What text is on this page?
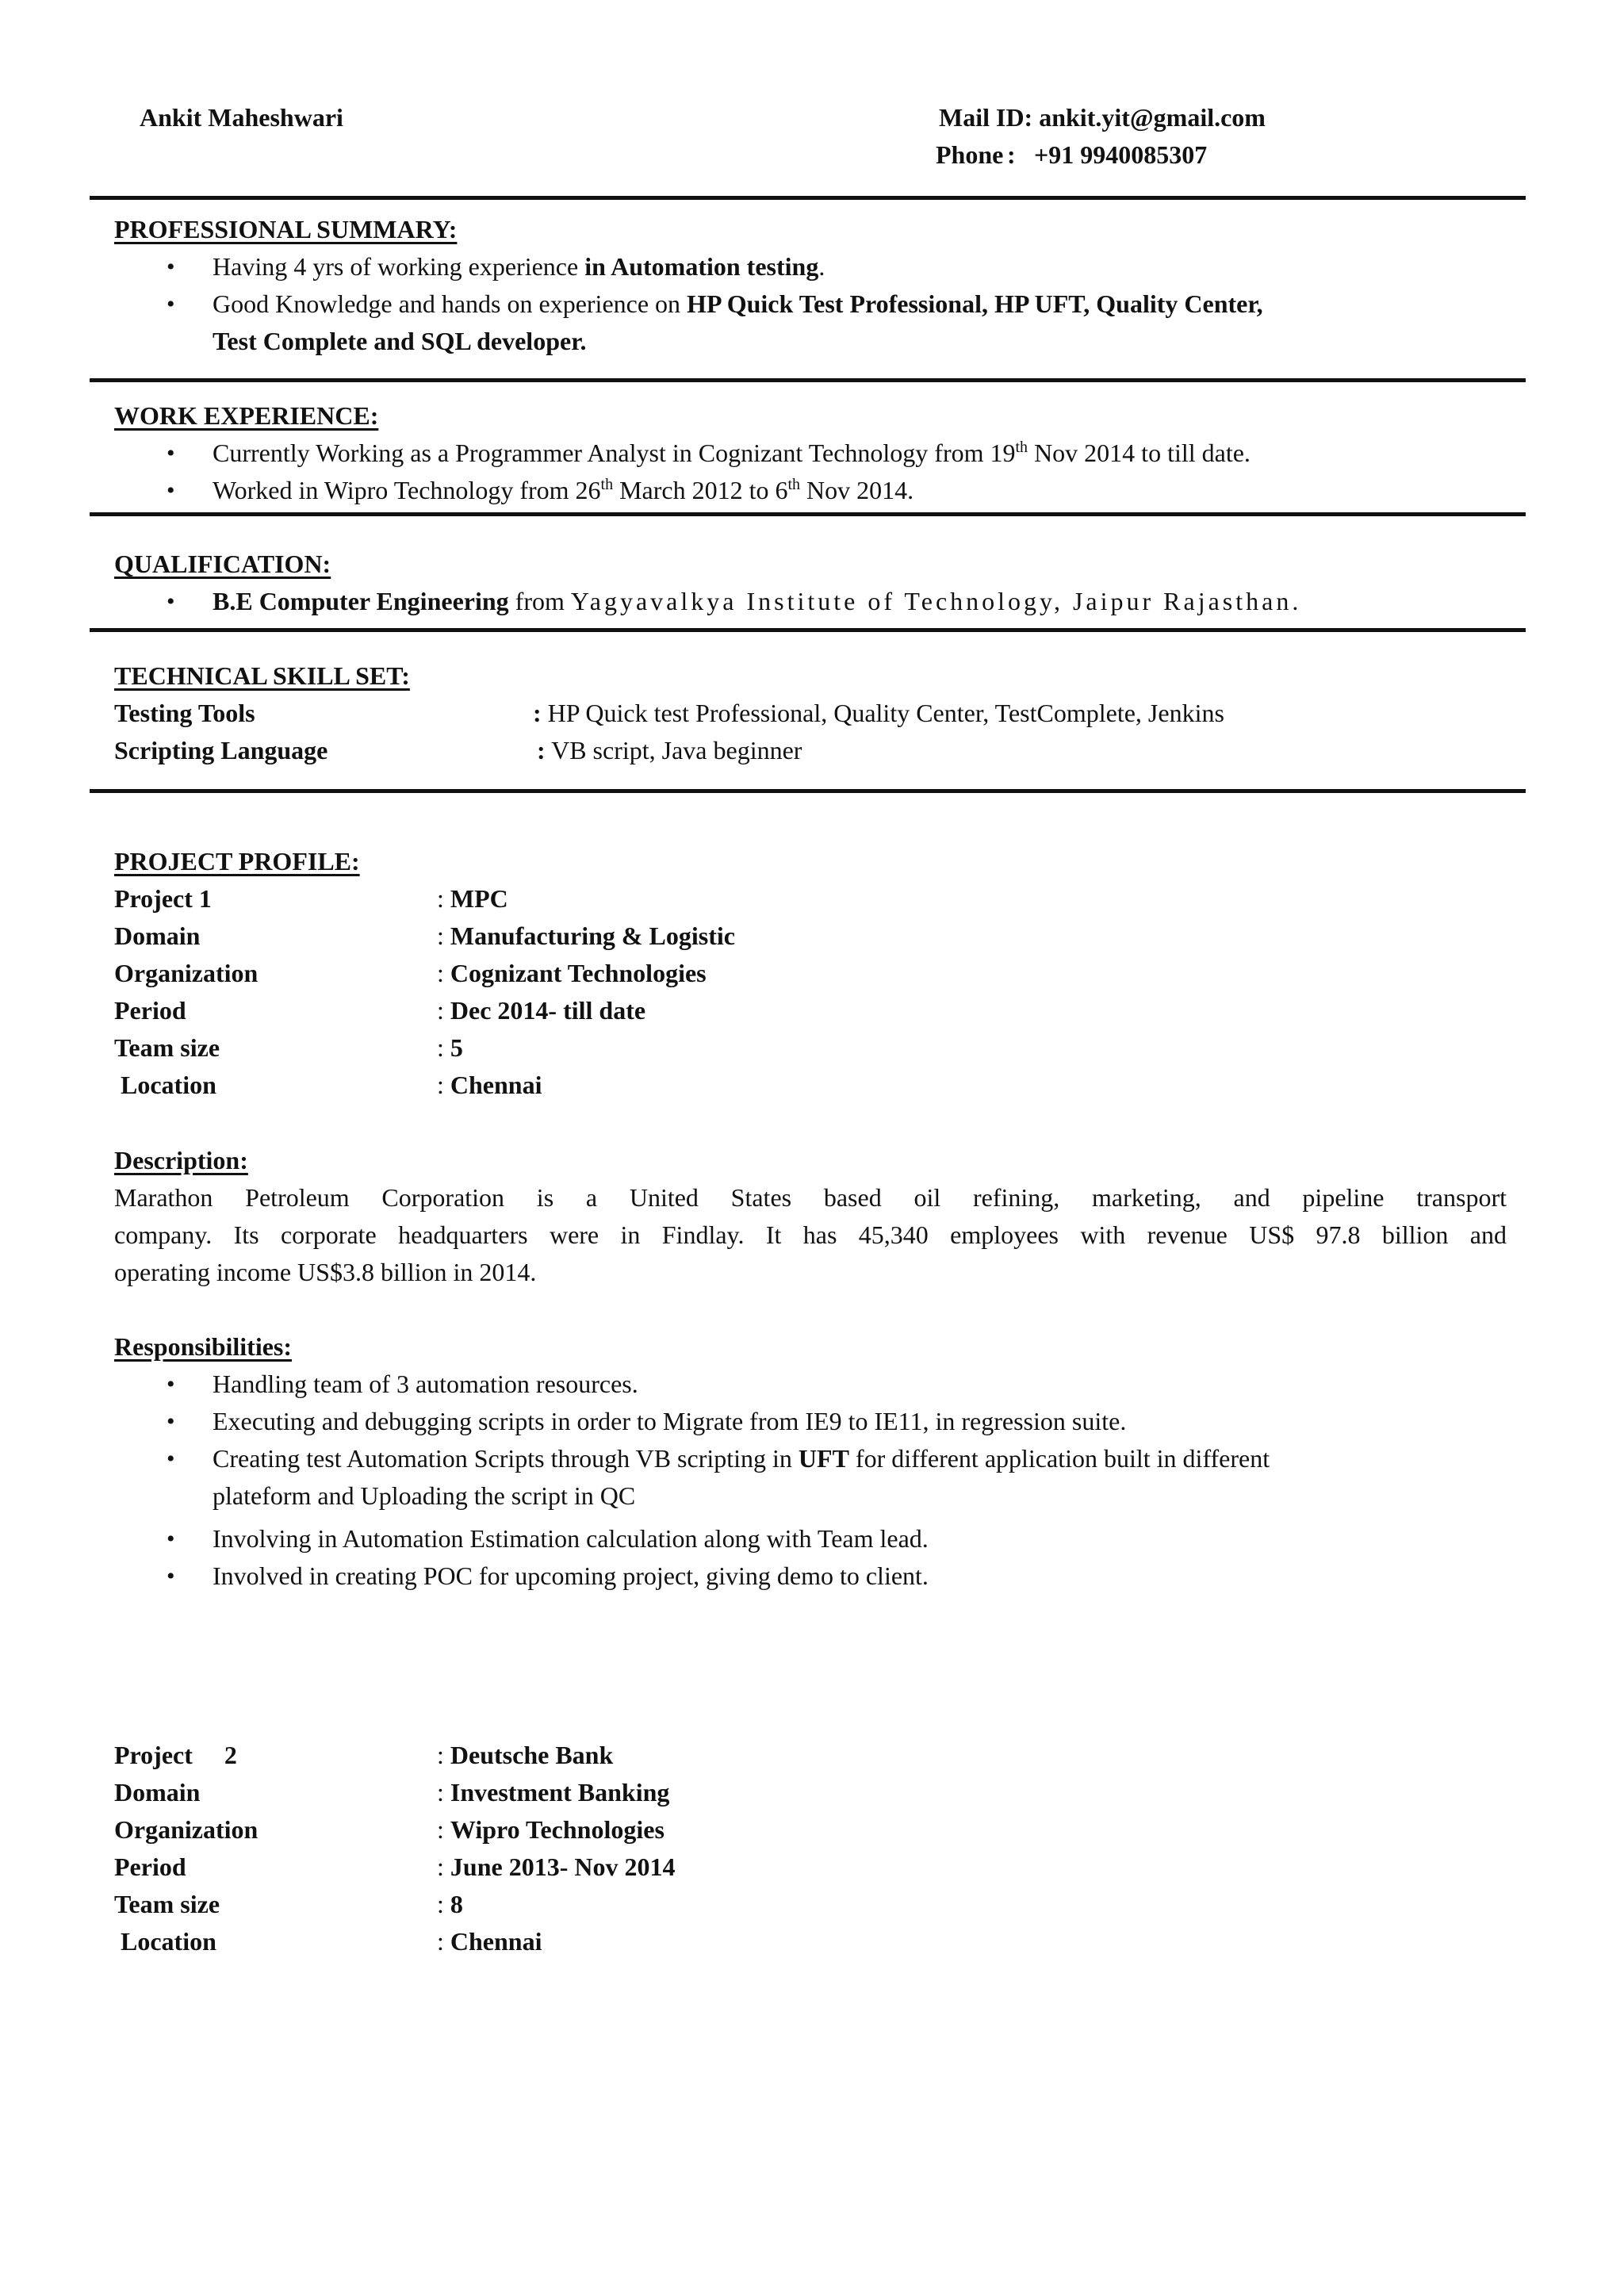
Ankit Maheshwari	Mail ID: ankit.yit@gmail.com
Phone : +91 9940085307
PROFESSIONAL SUMMARY:
• Having 4 yrs of working experience in Automation testing.
• Good Knowledge and hands on experience on HP Quick Test Professional, HP UFT, Quality Center,
Test Complete and SQL developer.
WORK EXPERIENCE:
• Currently Working as a Programmer Analyst in Cognizant Technology from 19th Nov 2014 to till date.
• Worked in Wipro Technology from 26th March 2012 to 6th Nov 2014.
QUALIFICATION:
• B.E Computer Engineering from Yagyavalkya Institute of Technology, Jaipur Rajasthan.
TECHNICAL SKILL SET:
Testing Tools	: HP Quick test Professional, Quality Center, TestComplete, Jenkins
Scripting Language	: VB script, Java beginner
PROJECT PROFILE:
Project 1	: MPC
Domain	: Manufacturing & Logistic
Organization	: Cognizant Technologies
Period	: Dec 2014- till date
Team size	: 5
Location	: Chennai
Description:
Marathon Petroleum Corporation is a United States based oil refining, marketing, and pipeline transport
company. Its corporate headquarters were in Findlay. It has 45,340 employees with revenue US$ 97.8 billion and
operating income US$3.8 billion in 2014.
Responsibilities:
• Handling team of 3 automation resources.
• Executing and debugging scripts in order to Migrate from IE9 to IE11, in regression suite.
• Creating test Automation Scripts through VB scripting in UFT for different application built in different
plateform and Uploading the script in QC
• Involving in Automation Estimation calculation along with Team lead.
• Involved in creating POC for upcoming project, giving demo to client.
Project     2	: Deutsche Bank
Domain	: Investment Banking
Organization	: Wipro Technologies
Period	: June 2013- Nov 2014
Team size	: 8
Location	: Chennai
